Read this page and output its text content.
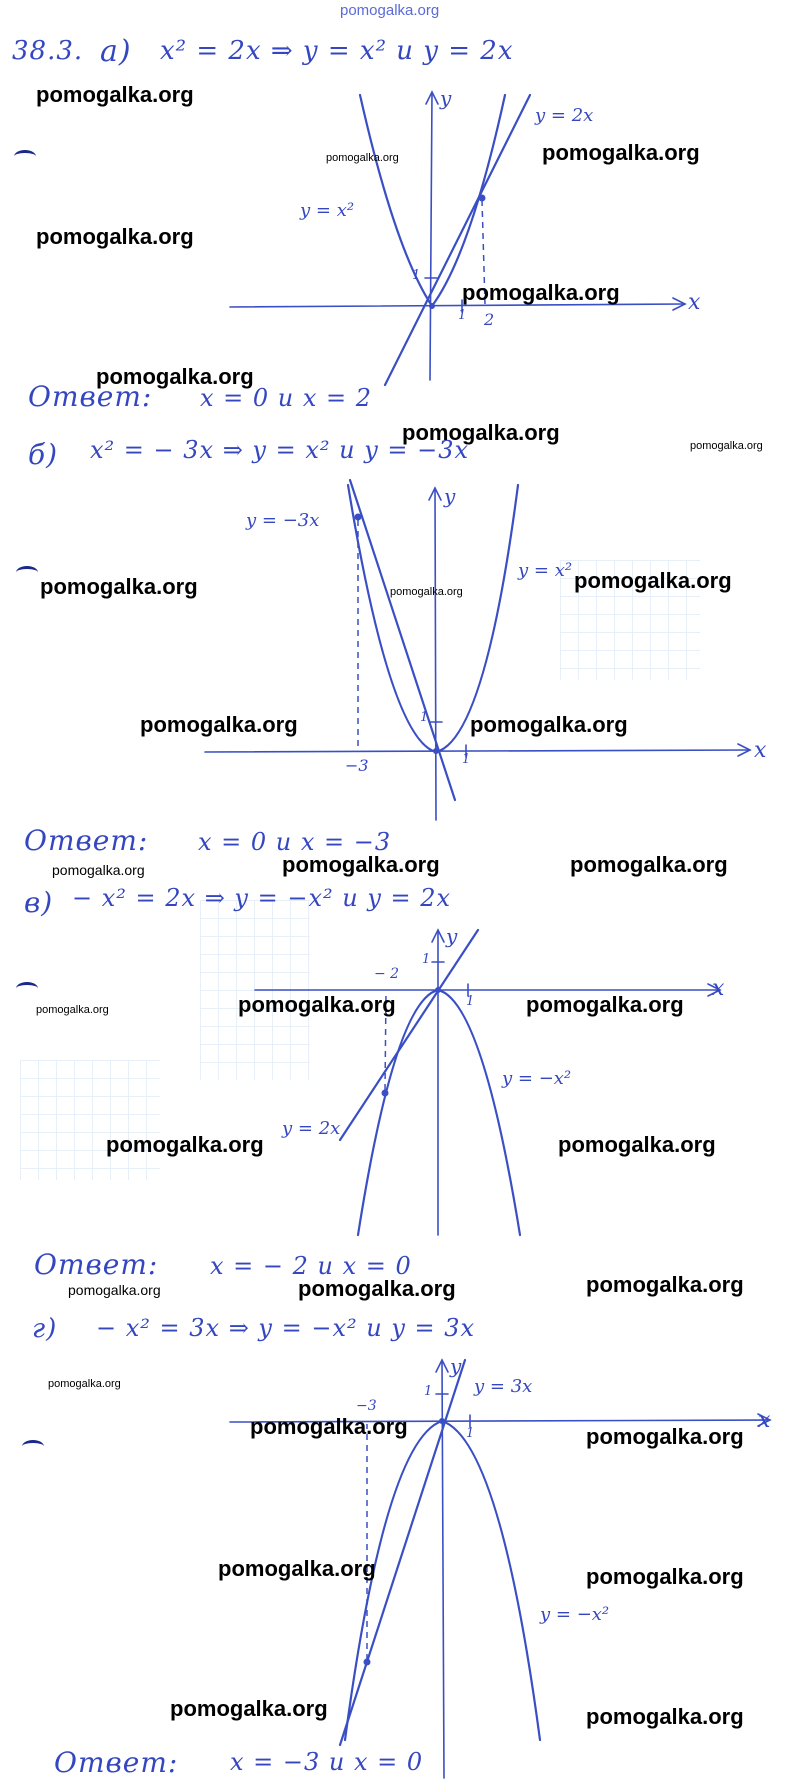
pomogalka.org
38.3. а) x² = 2x ⇒ y = x² и y = 2x
y
x
y = x²
y = 2x
1
1 2
Ответ: x = 0 и x = 2
б) x² = − 3x ⇒ y = x² и y = −3x
y
x
y = x²
y = −3x
1
1
−3
Ответ: x = 0 и x = −3
в) − x² = 2x ⇒ y = −x² и y = 2x
y
x
y = −x²
y = 2x
1
1
− 2
Ответ: x = − 2 и x = 0
г) − x² = 3x ⇒ y = −x² и y = 3x
y
x
y = −x²
y = 3x
1
1
−3
Ответ: x = −3 и x = 0
pomogalka.org
pomogalka.org	pomogalka.org
pomogalka.org
pomogalka.org
pomogalka.org
pomogalka.org
pomogalka.org
pomogalka.org	pomogalka.org	pomogalka.org
pomogalka.org	pomogalka.org
pomogalka.org	pomogalka.org	pomogalka.org
pomogalka.org	pomogalka.org	pomogalka.org
pomogalka.org	pomogalka.org
pomogalka.org	pomogalka.org	pomogalka.org
pomogalka.org
pomogalka.org	pomogalka.org
pomogalka.org	pomogalka.org
pomogalka.org	pomogalka.org
